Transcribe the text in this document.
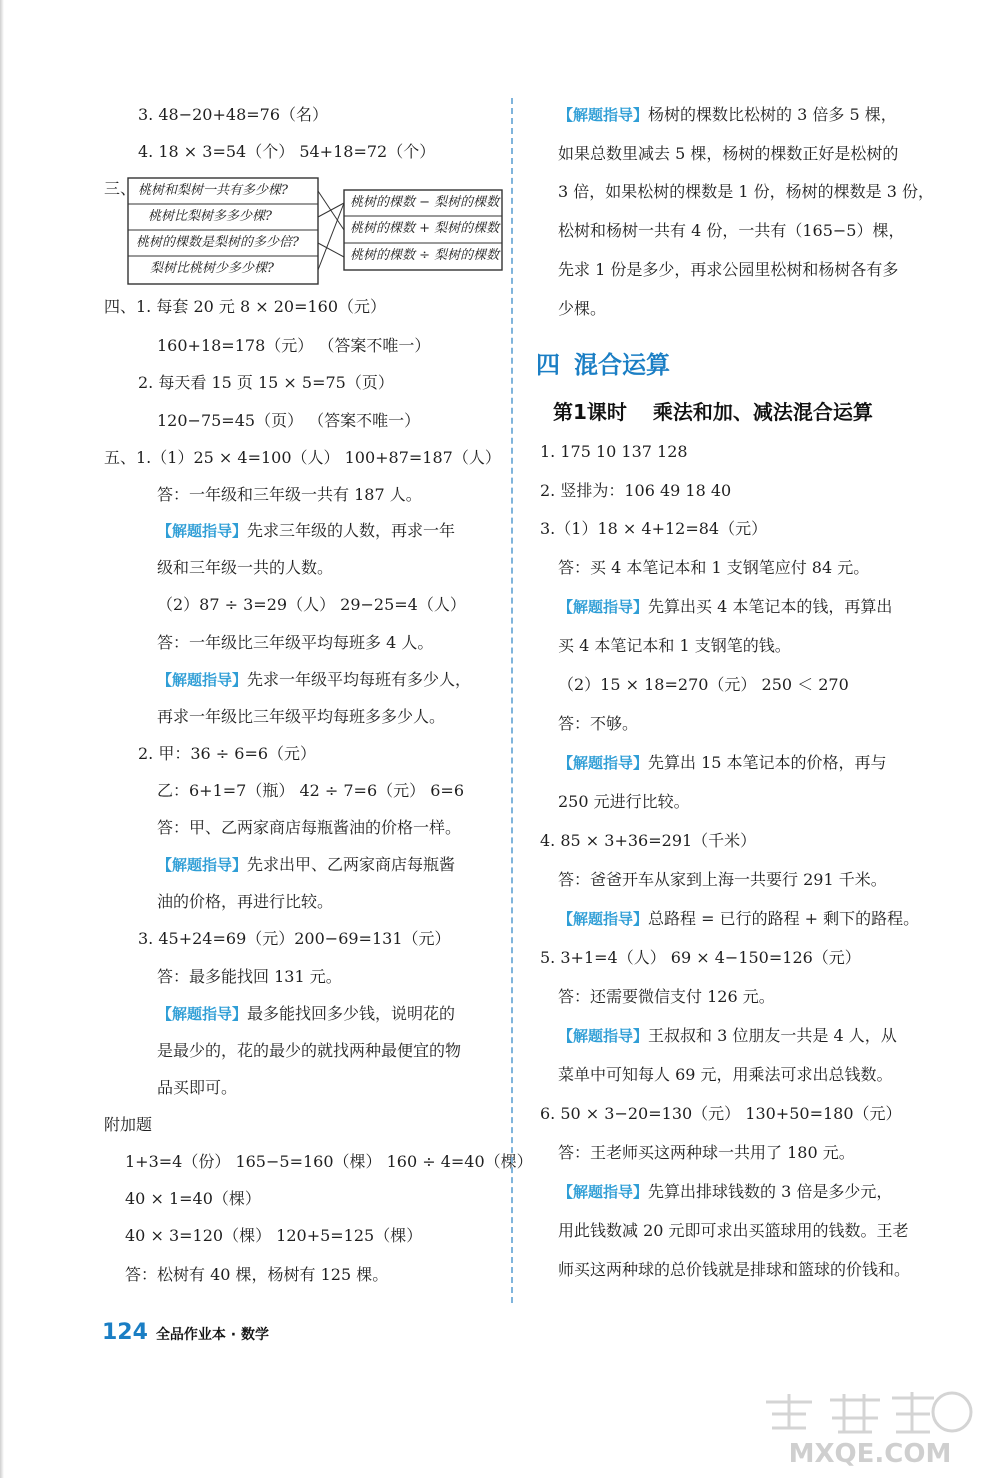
3. 48−20+48=76（名）
4. 18 × 3=54（个） 54+18=72（个）
三、 桃树和梨树一共有多少棵?
桃树比梨树多多少棵?
桃树的棵数是梨树的多少倍?
梨树比桃树少多少棵?
桃树的棵数 − 梨树的棵数
桃树的棵数 + 梨树的棵数
桃树的棵数 ÷ 梨树的棵数
四、1. 每套 20 元 8 × 20=160（元）
160+18=178（元） （答案不唯一）
2. 每天看 15 页 15 × 5=75（页）
120−75=45（页） （答案不唯一）
五、1.（1）25 × 4=100（人） 100+87=187（人）
答：一年级和三年级一共有 187 人。
【解题指导】先求三年级的人数，再求一年
级和三年级一共的人数。
（2）87 ÷ 3=29（人） 29−25=4（人）
答：一年级比三年级平均每班多 4 人。
【解题指导】先求一年级平均每班有多少人，
再求一年级比三年级平均每班多多少人。
2. 甲：36 ÷ 6=6（元）
乙：6+1=7（瓶） 42 ÷ 7=6（元） 6=6
答：甲、乙两家商店每瓶酱油的价格一样。
【解题指导】先求出甲、乙两家商店每瓶酱
油的价格，再进行比较。
3. 45+24=69（元）200−69=131（元）
答：最多能找回 131 元。
【解题指导】最多能找回多少钱，说明花的
是最少的，花的最少的就找两种最便宜的物
品买即可。
附加题
1+3=4（份） 165−5=160（棵） 160 ÷ 4=40（棵）
40 × 1=40（棵）
40 × 3=120（棵） 120+5=125（棵）
答：松树有 40 棵，杨树有 125 棵。
【解题指导】杨树的棵数比松树的 3 倍多 5 棵，
如果总数里减去 5 棵，杨树的棵数正好是松树的
3 倍，如果松树的棵数是 1 份，杨树的棵数是 3 份，
松树和杨树一共有 4 份，一共有（165−5）棵，
先求 1 份是多少，再求公园里松树和杨树各有多
少棵。
四 混合运算
第1课时 乘法和加、减法混合运算
1. 175 10 137 128
2. 竖排为：106 49 18 40
3.（1）18 × 4+12=84（元）
答：买 4 本笔记本和 1 支钢笔应付 84 元。
【解题指导】先算出买 4 本笔记本的钱，再算出
买 4 本笔记本和 1 支钢笔的钱。
（2）15 × 18=270（元） 250 ＜ 270
答：不够。
【解题指导】先算出 15 本笔记本的价格，再与
250 元进行比较。
4. 85 × 3+36=291（千米）
答：爸爸开车从家到上海一共要行 291 千米。
【解题指导】总路程 = 已行的路程 + 剩下的路程。
5. 3+1=4（人） 69 × 4−150=126（元）
答：还需要微信支付 126 元。
【解题指导】王叔叔和 3 位朋友一共是 4 人，从
菜单中可知每人 69 元，用乘法可求出总钱数。
6. 50 × 3−20=130（元） 130+50=180（元）
答：王老师买这两种球一共用了 180 元。
【解题指导】先算出排球钱数的 3 倍是多少元，
用此钱数减 20 元即可求出买篮球用的钱数。王老
师买这两种球的总价钱就是排球和篮球的价钱和。
124 全品作业本 · 数学
MXQE.COM
